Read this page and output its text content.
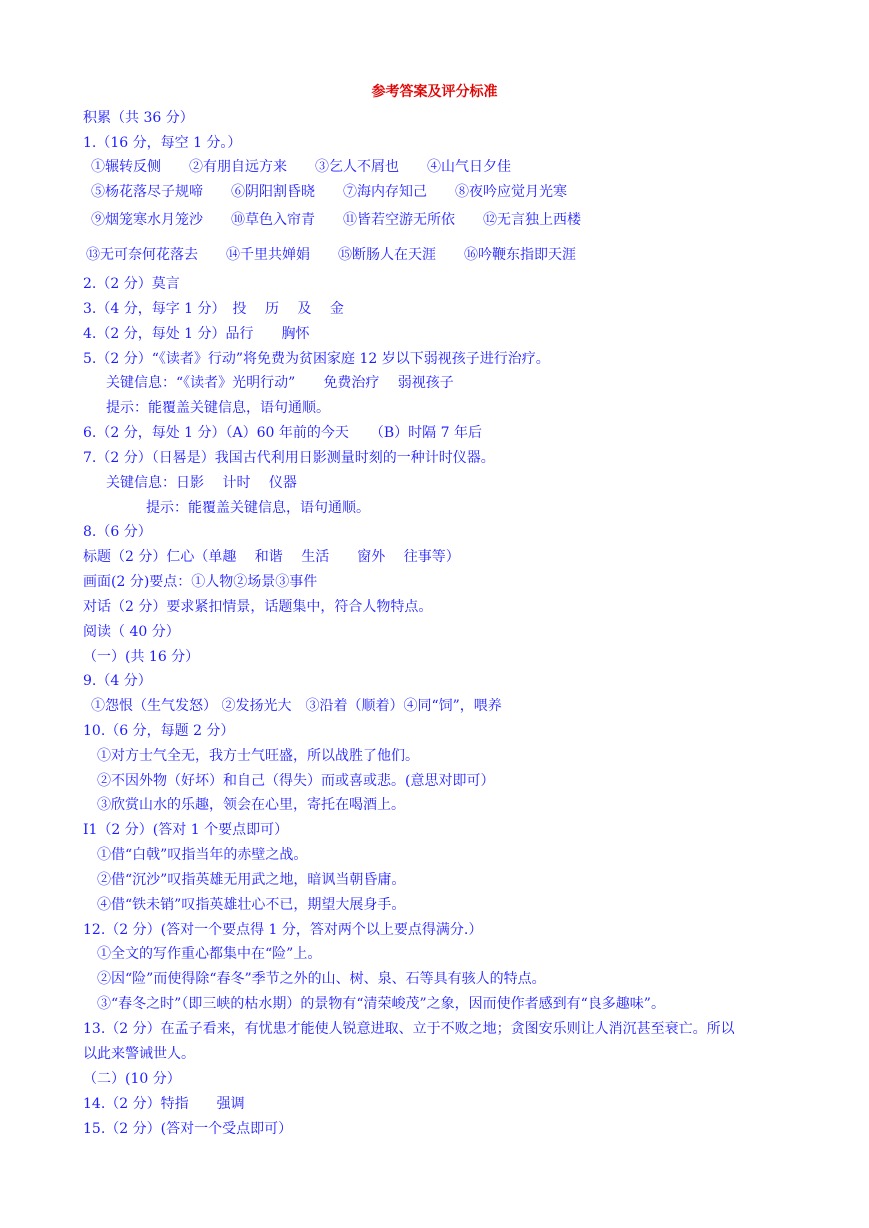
参考答案及评分标准
积累（共 36 分）
1.（16 分，每空 1 分。）
①辗转反侧　　②有朋自远方来　　③乞人不屑也　　④山气日夕佳
⑤杨花落尽子规啼　　⑥阴阳割昏晓　　⑦海内存知己　　⑧夜吟应觉月光寒
⑨烟笼寒水月笼沙　　⑩草色入帘青　　⑪皆若空游无所依　　⑫无言独上西楼
⑬无可奈何花落去　　⑭千里共婵娟　　⑮断肠人在天涯　　⑯吟鞭东指即天涯
2.（2 分）莫言
3.（4 分，每字 1 分）　投　 历　 及　 金
4.（2 分，每处 1 分）品行　　胸怀
5.（2 分）“《读者》行动”将免费为贫困家庭 12 岁以下弱视孩子进行治疗。
关键信息：“《读者》光明行动”　　免费治疗　 弱视孩子
提示：能覆盖关键信息，语句通顺。
6.（2 分，每处 1 分）（A）60 年前的今天　　（B）时隔 7 年后
7.（2 分）（日晷是）我国古代利用日影测量时刻的一种计时仪器。
关键信息：日影　 计时　 仪器
提示：能覆盖关键信息，语句通顺。
8.（6 分）
标题（2 分）仁心（单趣　 和谐　 生活　　窗外　 往事等）
画面(2 分)要点：①人物②场景③事件
对话（2 分）要求紧扣情景，话题集中，符合人物特点。
阅读（ 40 分）
（一）(共 16 分）
9.（4 分）
①怨恨（生气发怒） ②发扬光大　③沿着（顺着）④同“饲”，喂养
10.（6 分，每题 2 分）
①对方士气全无，我方士气旺盛，所以战胜了他们。
②不因外物（好坏）和自己（得失）而或喜或悲。(意思对即可）
③欣赏山水的乐趣，领会在心里，寄托在喝酒上。
I1（2 分）(答对 1 个要点即可）
①借“白戟”叹指当年的赤壁之战。
②借“沉沙”叹指英雄无用武之地，暗讽当朝昏庸。
④借“铁未销”叹指英雄壮心不已，期望大展身手。
12.（2 分）(答对一个要点得 1 分，答对两个以上要点得满分.）
①全文的写作重心都集中在“险”上。
②因“险”而使得除“春冬”季节之外的山、树、泉、石等具有骇人的特点。
③“春冬之时”（即三峡的枯水期）的景物有“清荣峻茂”之象，因而使作者感到有“良多趣味”。
13.（2 分）在孟子看来，有忧患才能使人锐意进取、立于不败之地；贪图安乐则让人消沉甚至衰亡。所以
以此来警诫世人。
（二）(10 分）
14.（2 分）特指　　强调
15.（2 分）(答对一个受点即可）
